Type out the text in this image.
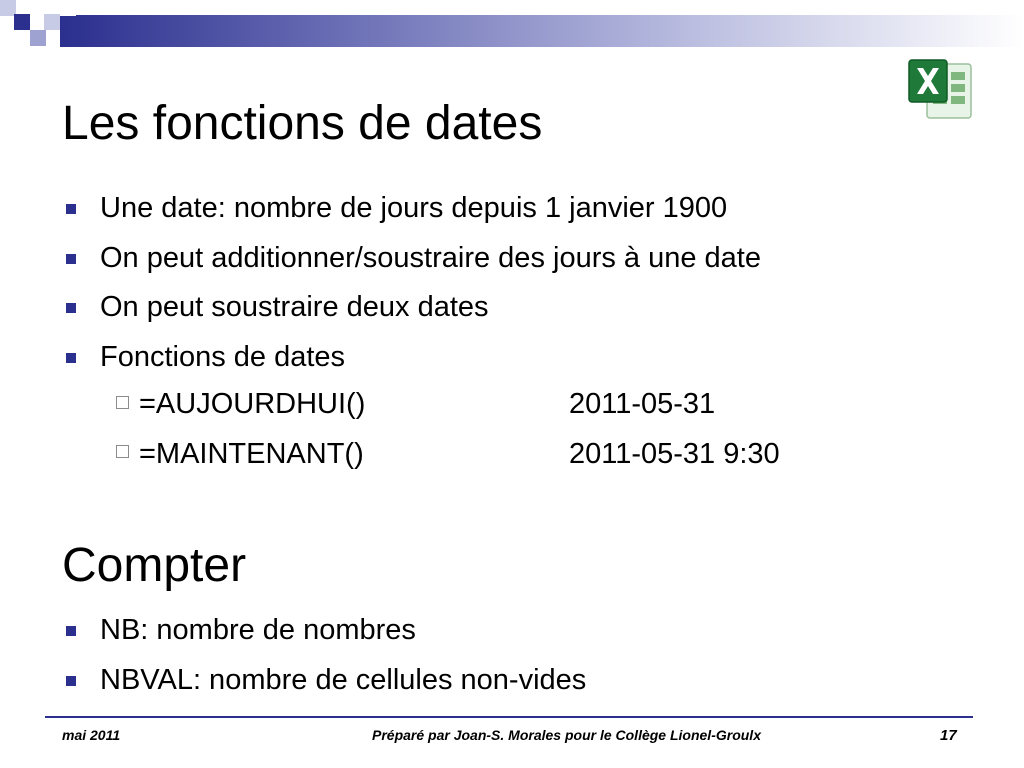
Les fonctions de dates
Une date: nombre de jours depuis 1 janvier 1900
On peut additionner/soustraire des jours à une date
On peut soustraire deux dates
Fonctions de dates
=AUJOURDHUI()	2011-05-31
=MAINTENANT()	2011-05-31 9:30
Compter
NB: nombre de nombres
NBVAL: nombre de cellules non-vides
mai 2011	Préparé par Joan-S. Morales pour le Collège Lionel-Groulx	17
